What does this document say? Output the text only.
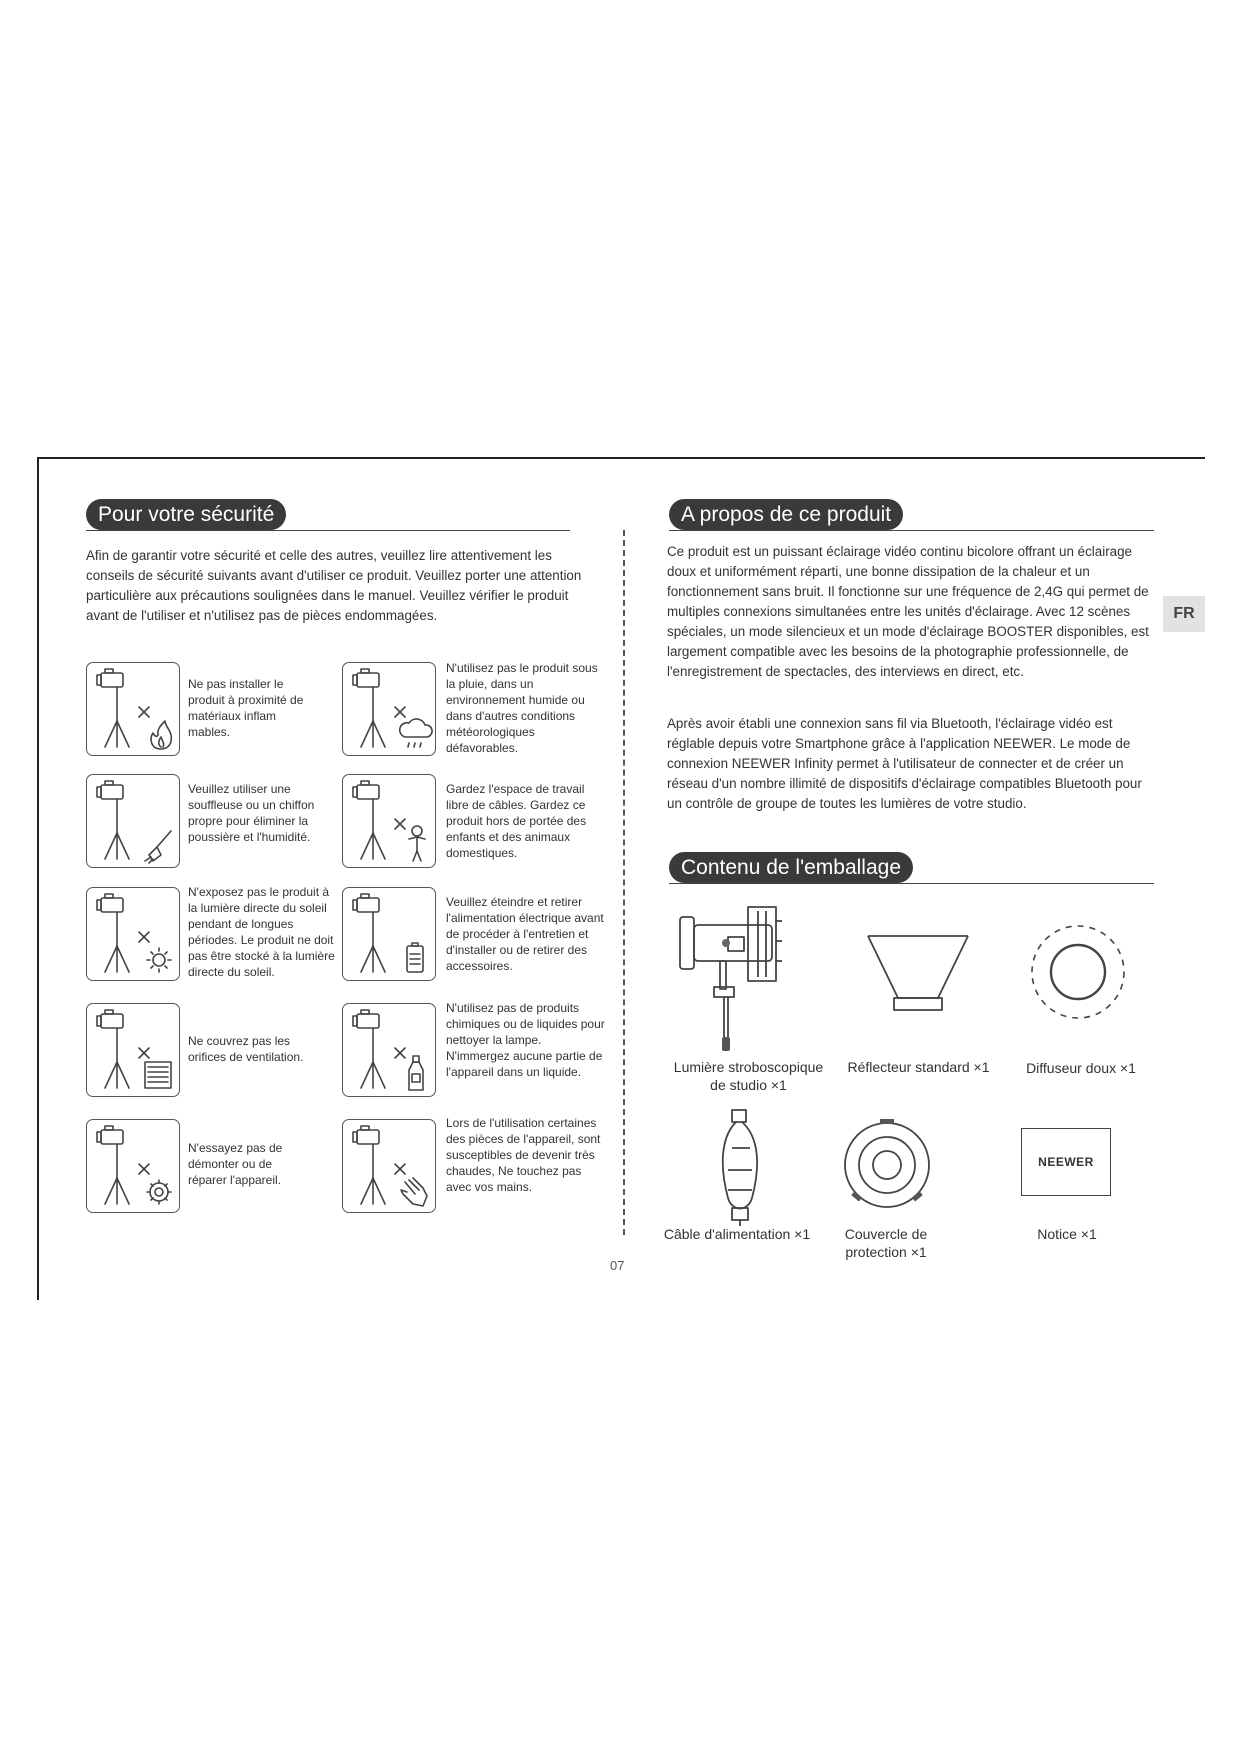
Pour votre sécurité

Afin de garantir votre sécurité et celle des autres, veuillez lire attentivement les conseils de sécurité suivants avant d'utiliser ce produit. Veuillez porter une attention particulière aux précautions soulignées dans le manuel. Veuillez vérifier le produit avant de l'utiliser et n'utilisez pas de pièces endommagées.

Ne pas installer le produit à proximité de matériaux inflam mables.
N'utilisez pas le produit sous la pluie, dans un environnement humide ou dans d'autres conditions météorologiques défavorables.
Veuillez utiliser une souffleuse ou un chiffon propre pour éliminer la poussière et l'humidité.
Gardez l'espace de travail libre de câbles. Gardez ce produit hors de portée des enfants et des animaux domestiques.
N'exposez pas le produit à la lumière directe du soleil pendant de longues périodes. Le produit ne doit pas être stocké à la lumière directe du soleil.
Veuillez éteindre et retirer l'alimentation électrique avant de procéder à l'entretien et d'installer ou de retirer des accessoires.
Ne couvrez pas les orifices de ventilation.
N'utilisez pas de produits chimiques ou de liquides pour nettoyer la lampe. N'immergez aucune partie de l'appareil dans un liquide.
N'essayez pas de démonter ou de réparer l'appareil.
Lors de l'utilisation certaines des pièces de l'appareil, sont susceptibles de devenir très chaudes, Ne touchez pas avec vos mains.
A propos de ce produit

Ce produit est un puissant éclairage vidéo continu bicolore offrant un éclairage doux et uniformément réparti, une bonne dissipation de la chaleur et un fonctionnement sans bruit. Il fonctionne sur une fréquence de 2,4G qui permet de multiples connexions simultanées entre les unités d'éclairage. Avec 12 scènes spéciales, un mode silencieux et un mode d'éclairage BOOSTER disponibles, est largement compatible avec les besoins de la photographie professionnelle, de l'enregistrement de spectacles, des interviews en direct, etc.

Après avoir établi une connexion sans fil via Bluetooth, l'éclairage vidéo est réglable depuis votre Smartphone grâce à l'application NEEWER. Le mode de connexion NEEWER Infinity permet à l'utilisateur de connecter et de créer un réseau d'un nombre illimité de dispositifs d'éclairage compatibles Bluetooth pour un contrôle de groupe de toutes les lumières de votre studio.

FR
Contenu de l'emballage
Lumière stroboscopique de studio ×1
Réflecteur standard ×1	Diffuseur doux ×1
Câble d'alimentation ×1	Couvercle de protection ×1
NEEWER
Notice ×1
07
